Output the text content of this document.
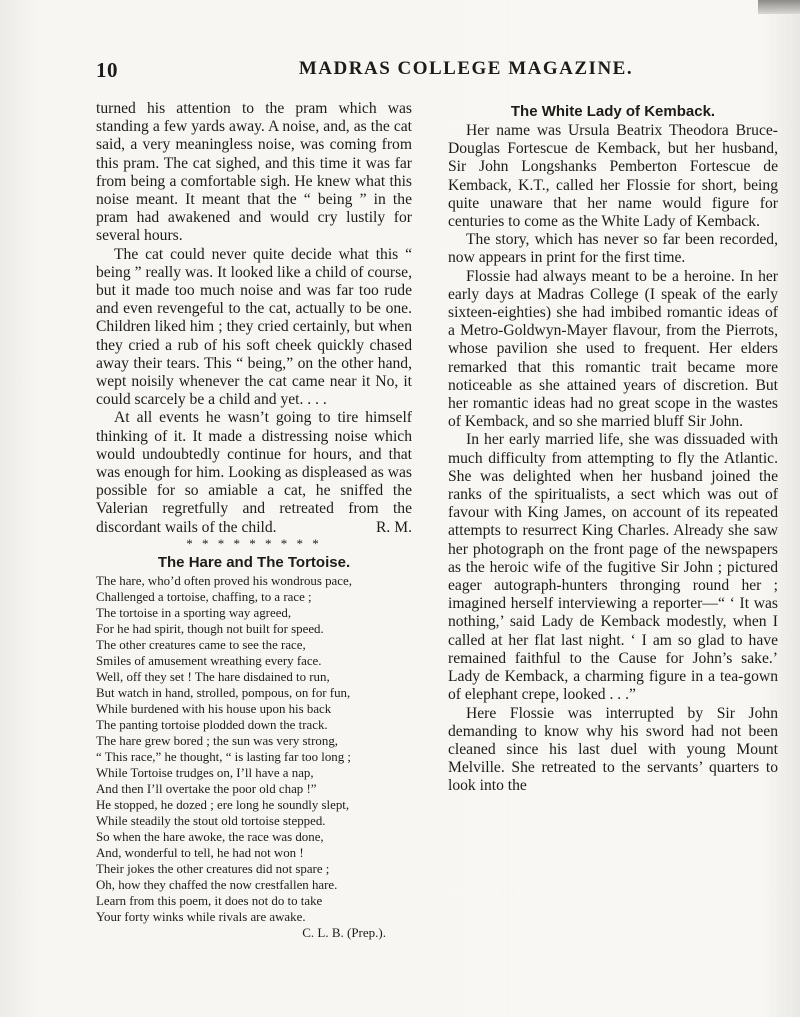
10	MADRAS COLLEGE MAGAZINE.

turned his attention to the pram which was standing a few yards away. A noise, and, as the cat said, a very meaningless noise, was coming from this pram. The cat sighed, and this time it was far from being a comfortable sigh. He knew what this noise meant. It meant that the “ being ” in the pram had awakened and would cry lustily for several hours.

The cat could never quite decide what this “ being ” really was. It looked like a child of course, but it made too much noise and was far too rude and even revengeful to the cat, actually to be one. Children liked him ; they cried certainly, but when they cried a rub of his soft cheek quickly chased away their tears. This “ being,” on the other hand, wept noisily whenever the cat came near it No, it could scarcely be a child and yet. . . .

At all events he wasn’t going to tire himself thinking of it. It made a distressing noise which would undoubtedly continue for hours, and that was enough for him. Looking as displeased as was possible for so amiable a cat, he sniffed the Valerian regretfully and retreated from the discordant wails of the child.	R. M.

* * * * * * * * *
The Hare and The Tortoise.
The hare, who’d often proved his wondrous pace,
Challenged a tortoise, chaffing, to a race ;
The tortoise in a sporting way agreed,
For he had spirit, though not built for speed.
The other creatures came to see the race,
Smiles of amusement wreathing every face.
Well, off they set ! The hare disdained to run,
But watch in hand, strolled, pompous, on for fun,
While burdened with his house upon his back
The panting tortoise plodded down the track.
The hare grew bored ; the sun was very strong,
“ This race,” he thought, “ is lasting far too long ;
While Tortoise trudges on, I’ll have a nap,
And then I’ll overtake the poor old chap !”
He stopped, he dozed ; ere long he soundly slept,
While steadily the stout old tortoise stepped.
So when the hare awoke, the race was done,
And, wonderful to tell, he had not won !
Their jokes the other creatures did not spare ;
Oh, how they chaffed the now crestfallen hare.
Learn from this poem, it does not do to take
Your forty winks while rivals are awake.
C. L. B. (Prep.).
The White Lady of Kemback.

Her name was Ursula Beatrix Theodora Bruce-Douglas Fortescue de Kemback, but her husband, Sir John Longshanks Pemberton Fortescue de Kemback, K.T., called her Flossie for short, being quite unaware that her name would figure for centuries to come as the White Lady of Kemback.

The story, which has never so far been recorded, now appears in print for the first time.

Flossie had always meant to be a heroine. In her early days at Madras College (I speak of the early sixteen-eighties) she had imbibed romantic ideas of a Metro-Goldwyn-Mayer flavour, from the Pierrots, whose pavilion she used to frequent. Her elders remarked that this romantic trait became more noticeable as she attained years of discretion. But her romantic ideas had no great scope in the wastes of Kemback, and so she married bluff Sir John.

In her early married life, she was dissuaded with much difficulty from attempting to fly the Atlantic. She was delighted when her husband joined the ranks of the spiritualists, a sect which was out of favour with King James, on account of its repeated attempts to resurrect King Charles. Already she saw her photograph on the front page of the newspapers as the heroic wife of the fugitive Sir John ; pictured eager autograph-hunters thronging round her ; imagined herself interviewing a reporter—“ ‘ It was nothing,’ said Lady de Kemback modestly, when I called at her flat last night. ‘ I am so glad to have remained faithful to the Cause for John’s sake.’ Lady de Kemback, a charming figure in a tea-gown of elephant crepe, looked . . .”

Here Flossie was interrupted by Sir John demanding to know why his sword had not been cleaned since his last duel with young Mount Melville. She retreated to the servants’ quarters to look into the
